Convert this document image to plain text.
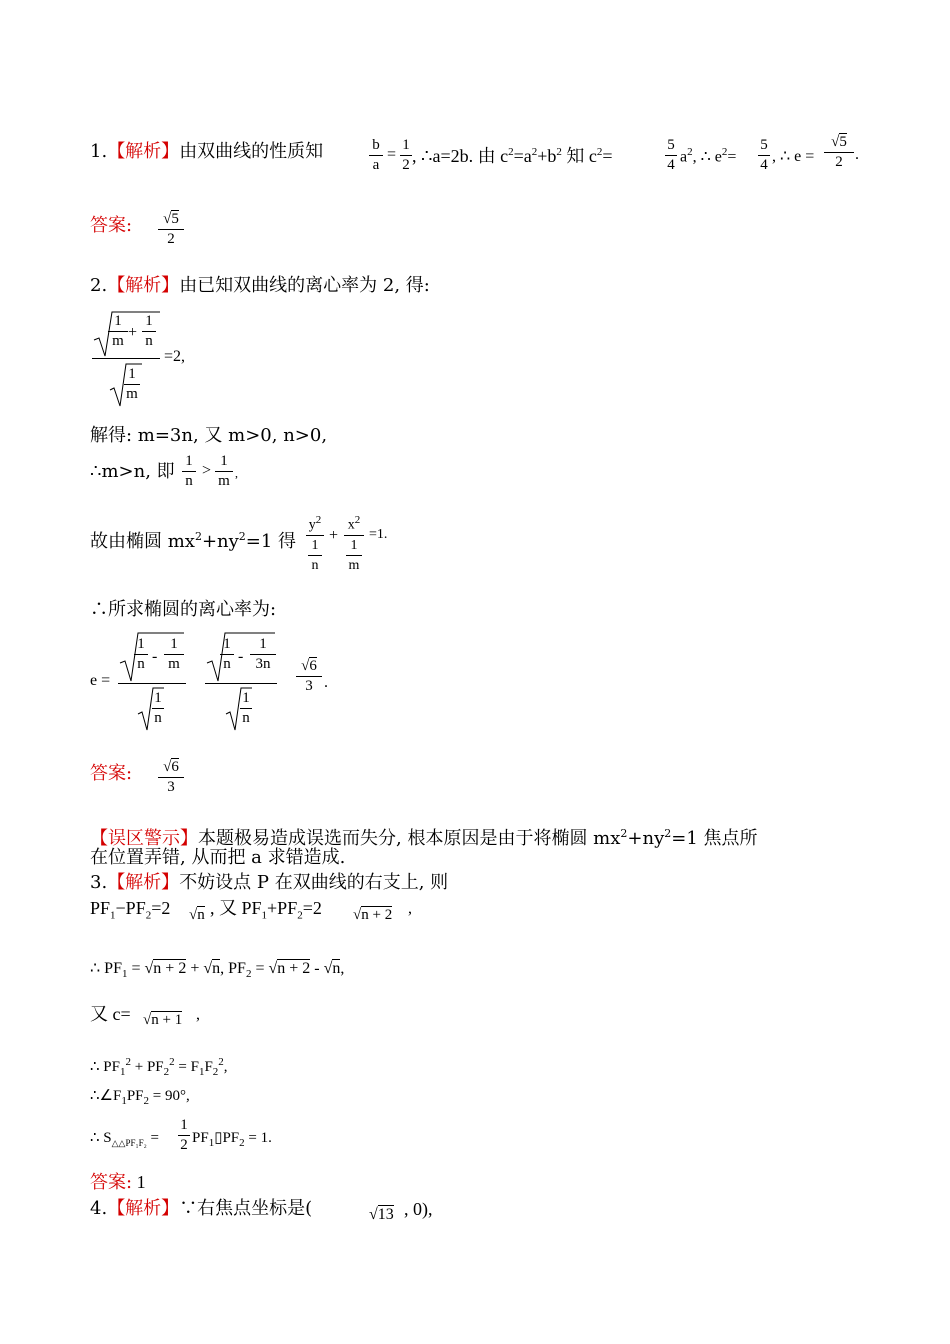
1.【解析】由双曲线的性质知	b
a
=
1
2 , ∴a=2b. 由 $c^2=a^2+b^2$ 知 $c^2=$
5
4 $a^2$, ∴ $e^2=$
5
4 , ∴ e =
√5
2 .
答案:	√5
2
2.【解析】由已知双曲线的离心率为 2, 得:
1
m +
1
n
1
m
=2,
解得: m=3n, 又 m>0, n>0,
∴m>n, 即 1
n
>
1
m ,
故由椭圆 $mx^2+ny^2=1$ 得
$y^2$
1
n
+
$x^2$
1
m
=1.
∴所求椭圆的离心率为:
e =
1
n -
1
m
1
n
1
n -
1
3n
1
n
√6
3 .
答案:	√6
3
【误区警示】本题极易造成误选而失分, 根本原因是由于将椭圆 $mx^2+ny^2=1$ 焦点所
在位置弄错, 从而把 a 求错造成.
3.【解析】不妨设点 P 在双曲线的右支上, 则
$PF_1-PF_2=2$ √n , 又 $PF_1+PF_2=2$ √n + 2 ,
∴ $PF_1 = √n + 2 + √n$, $PF_2 = √n + 2 - √n$,
又 c= √n + 1 ,
∴ $PF_1^2 + PF_2^2 = F_1F_2^2$,
$\therefore\angle F_1PF_2 = 90^\circ$,
∴ $S_{\triangle\triangle PF_1F_2}$ =
1
2 $PF_1▯PF_2 = 1$.
答案: 1
4.【解析】∵右焦点坐标是(	√13 , 0),
